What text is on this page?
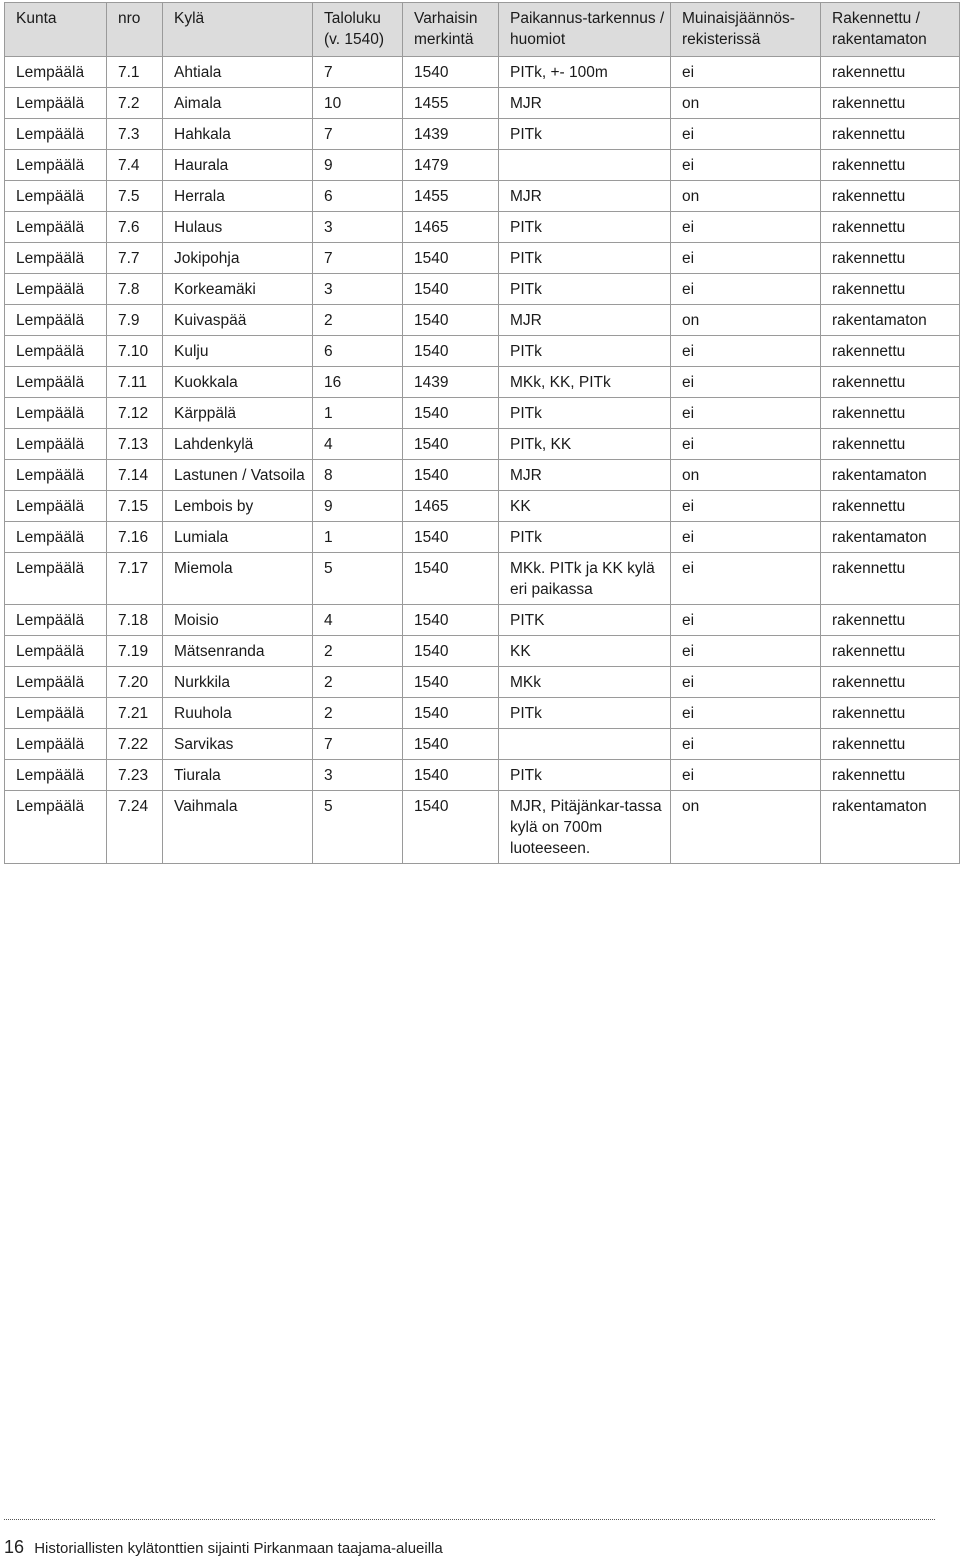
Kunta	nro	Kylä	Taloluku (v. 1540)	Varhaisin merkintä	Paikannus-tarkennus / huomiot	Muinaisjäännös-rekisterissä	Rakennettu / rakentamaton
Lempäälä	7.1	Ahtiala	7	1540	PITk, +- 100m	ei	rakennettu
Lempäälä	7.2	Aimala	10	1455	MJR	on	rakennettu
Lempäälä	7.3	Hahkala	7	1439	PITk	ei	rakennettu
Lempäälä	7.4	Haurala	9	1479		ei	rakennettu
Lempäälä	7.5	Herrala	6	1455	MJR	on	rakennettu
Lempäälä	7.6	Hulaus	3	1465	PITk	ei	rakennettu
Lempäälä	7.7	Jokipohja	7	1540	PITk	ei	rakennettu
Lempäälä	7.8	Korkeamäki	3	1540	PITk	ei	rakennettu
Lempäälä	7.9	Kuivaspää	2	1540	MJR	on	rakentamaton
Lempäälä	7.10	Kulju	6	1540	PITk	ei	rakennettu
Lempäälä	7.11	Kuokkala	16	1439	MKk, KK, PITk	ei	rakennettu
Lempäälä	7.12	Kärppälä	1	1540	PITk	ei	rakennettu
Lempäälä	7.13	Lahdenkylä	4	1540	PITk, KK	ei	rakennettu
Lempäälä	7.14	Lastunen / Vatsoila	8	1540	MJR	on	rakentamaton
Lempäälä	7.15	Lembois by	9	1465	KK	ei	rakennettu
Lempäälä	7.16	Lumiala	1	1540	PITk	ei	rakentamaton
Lempäälä	7.17	Miemola	5	1540	MKk. PITk ja KK kylä eri paikassa	ei	rakennettu
Lempäälä	7.18	Moisio	4	1540	PITK	ei	rakennettu
Lempäälä	7.19	Mätsenranda	2	1540	KK	ei	rakennettu
Lempäälä	7.20	Nurkkila	2	1540	MKk	ei	rakennettu
Lempäälä	7.21	Ruuhola	2	1540	PITk	ei	rakennettu
Lempäälä	7.22	Sarvikas	7	1540		ei	rakennettu
Lempäälä	7.23	Tiurala	3	1540	PITk	ei	rakennettu
Lempäälä	7.24	Vaihmala	5	1540	MJR, Pitäjänkar-tassa kylä on 700m luoteeseen.	on	rakentamaton
16 Historiallisten kylätonttien sijainti Pirkanmaan taajama-alueilla
